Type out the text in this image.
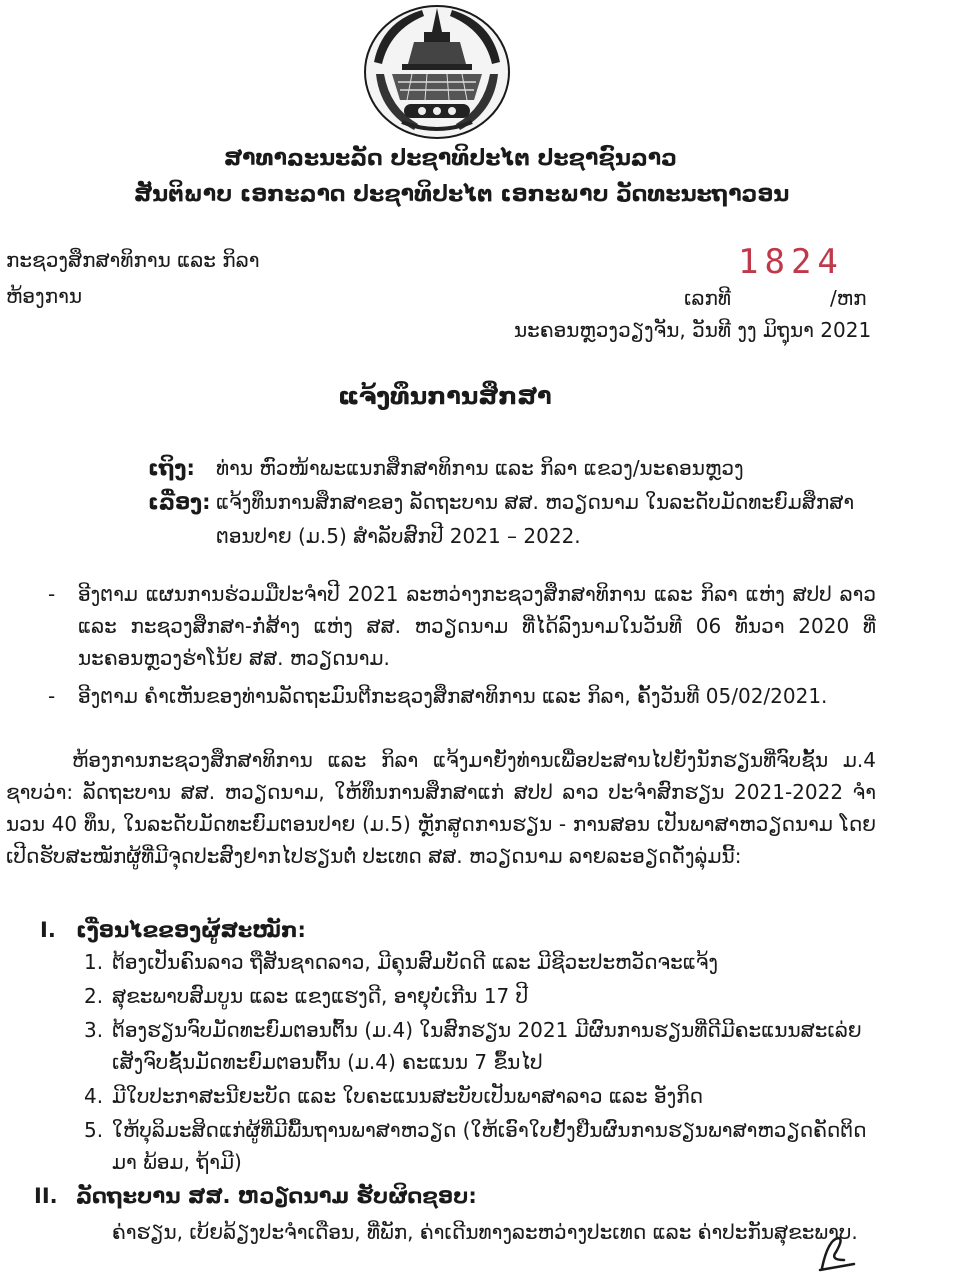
ສາທາລະນະລັດ ປະຊາທິປະໄຕ ປະຊາຊົນລາວ
ສັນຕິພາບ ເອກະລາດ ປະຊາທິປະໄຕ ເອກະພາບ ວັດທະນະຖາວອນ
ກະຊວງສຶກສາທິການ ແລະ ກິລາ
ຫ້ອງການ
1824
ເລກທີ	/ຫກ
ນະຄອນຫຼວງວຽງຈັນ, ວັນທີ ງງ ມິຖຸນາ 2021
ແຈ້ງທຶນການສຶກສາ
ເຖິງ: ທ່ານ ຫົວໜ້າພະແນກສຶກສາທິການ ແລະ ກິລາ ແຂວງ/ນະຄອນຫຼວງ
ເລື່ອງ: ແຈ້ງທຶນການສຶກສາຂອງ ລັດຖະບານ ສສ. ຫວຽດນາມ ໃນລະດັບມັດທະຍົມສຶກສາ
ຕອນປາຍ (ມ.5) ສໍາລັບສົກປີ 2021 – 2022.
- ອີງຕາມ ແຜນການຮ່ວມມືປະຈໍາປີ 2021 ລະຫວ່າງກະຊວງສຶກສາທິການ ແລະ ກິລາ ແຫ່ງ ສປປ ລາວ ແລະ ກະຊວງສຶກສາ-ກໍ່ສ້າງ ແຫ່ງ ສສ. ຫວຽດນາມ ທີ່ໄດ້ລົງນາມໃນວັນທີ 06 ທັນວາ 2020 ທີ່ ນະຄອນຫຼວງຮ່າໂນ້ຍ ສສ. ຫວຽດນາມ.
- ອີງຕາມ ຄໍາເຫັນຂອງທ່ານລັດຖະມົນຕີກະຊວງສຶກສາທິການ ແລະ ກິລາ, ຄັ້ງວັນທີ 05/02/2021.
ຫ້ອງການກະຊວງສຶກສາທິການ ແລະ ກິລາ ແຈ້ງມາຍັງທ່ານເພື່ອປະສານໄປຍັງນັກຮຽນທີ່ຈົບຊັ້ນ ມ.4 ຊາບວ່າ: ລັດຖະບານ ສສ. ຫວຽດນາມ, ໃຫ້ທຶນການສຶກສາແກ່ ສປປ ລາວ ປະຈໍາສົກຮຽນ 2021-2022 ຈໍານວນ 40 ທຶນ, ໃນລະດັບມັດທະຍົມຕອນປາຍ (ມ.5) ຫຼັກສູດການຮຽນ - ການສອນ ເປັນພາສາຫວຽດນາມ ໂດຍເປີດຮັບສະໝັກຜູ້ທີ່ມີຈຸດປະສົງຢາກໄປຮຽນຕໍ່ ປະເທດ ສສ. ຫວຽດນາມ ລາຍລະອຽດດັ່ງລຸ່ມນີ້:
I. ເງື່ອນໄຂຂອງຜູ້ສະໝັກ:
1. ຕ້ອງເປັນຄົນລາວ ຖືສັນຊາດລາວ, ມີຄຸນສົມບັດດີ ແລະ ມີຊີວະປະຫວັດຈະແຈ້ງ
2. ສຸຂະພາບສົມບູນ ແລະ ແຂງແຮງດີ, ອາຍຸບໍ່ເກີນ 17 ປີ
3. ຕ້ອງຮຽນຈົບມັດທະຍົມຕອນຕົ້ນ (ມ.4) ໃນສົກຮຽນ 2021 ມີຜົນການຮຽນທີ່ດີມີຄະແນນສະເລ່ຍ ເສັງຈົບຊັ້ນມັດທະຍົມຕອນຕົ້ນ (ມ.4) ຄະແນນ 7 ຂຶ້ນໄປ
4. ມີໃບປະກາສະນີຍະບັດ ແລະ ໃບຄະແນນສະບັບເປັນພາສາລາວ ແລະ ອັງກິດ
5. ໃຫ້ບຸລິມະສິດແກ່ຜູ້ທີ່ມີພື້ນຖານພາສາຫວຽດ (ໃຫ້ເອົາໃບຢັ້ງຢືນຜົນການຮຽນພາສາຫວຽດຄັດຕິດມາ ພ້ອມ, ຖ້າມີ)
II. ລັດຖະບານ ສສ. ຫວຽດນາມ ຮັບຜິດຊອບ:
ຄ່າຮຽນ, ເບ້ຍລ້ຽງປະຈໍາເດືອນ, ທີ່ພັກ, ຄ່າເດີນທາງລະຫວ່າງປະເທດ ແລະ ຄ່າປະກັນສຸຂະພາບ.
